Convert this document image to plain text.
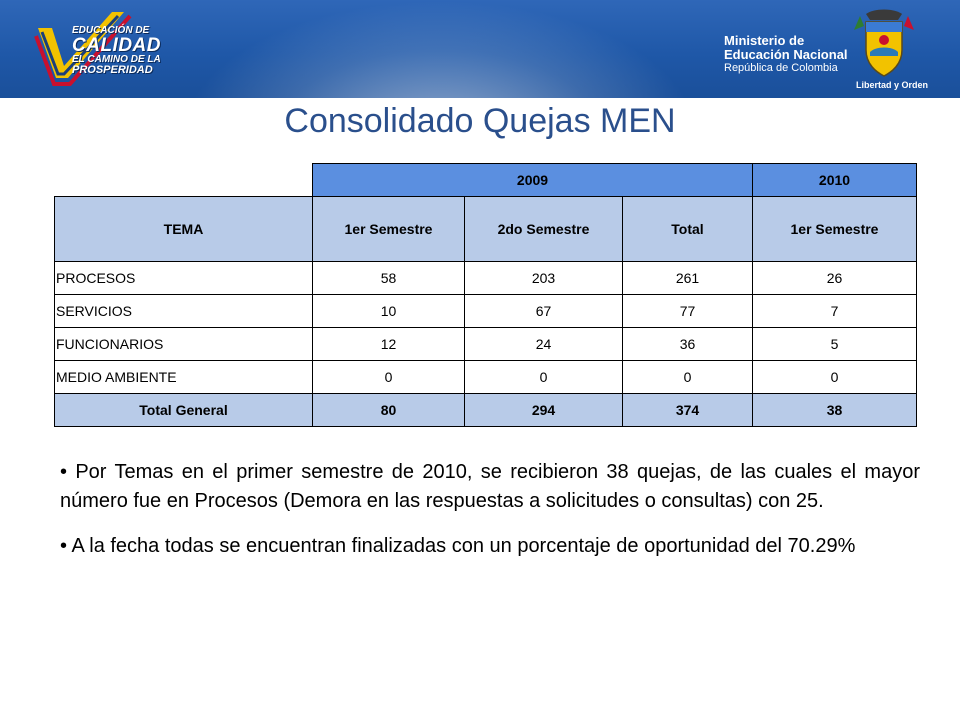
EDUCACIÓN DE
CALIDAD
EL CAMINO DE LA
PROSPERIDAD
Ministerio de
Educación Nacional
República de Colombia
Libertad y Orden
Consolidado Quejas MEN
	2009			2010
TEMA	1er Semestre	2do Semestre	Total	1er Semestre
PROCESOS	58	203	261	26
SERVICIOS	10	67	77	7
FUNCIONARIOS	12	24	36	5
MEDIO AMBIENTE	0	0	0	0
Total General	80	294	374	38

• Por Temas en el primer semestre de 2010, se recibieron 38 quejas, de las cuales el mayor número fue en Procesos (Demora en las respuestas a solicitudes o consultas) con 25.

• A la fecha todas se encuentran finalizadas con un porcentaje de oportunidad del 70.29%
